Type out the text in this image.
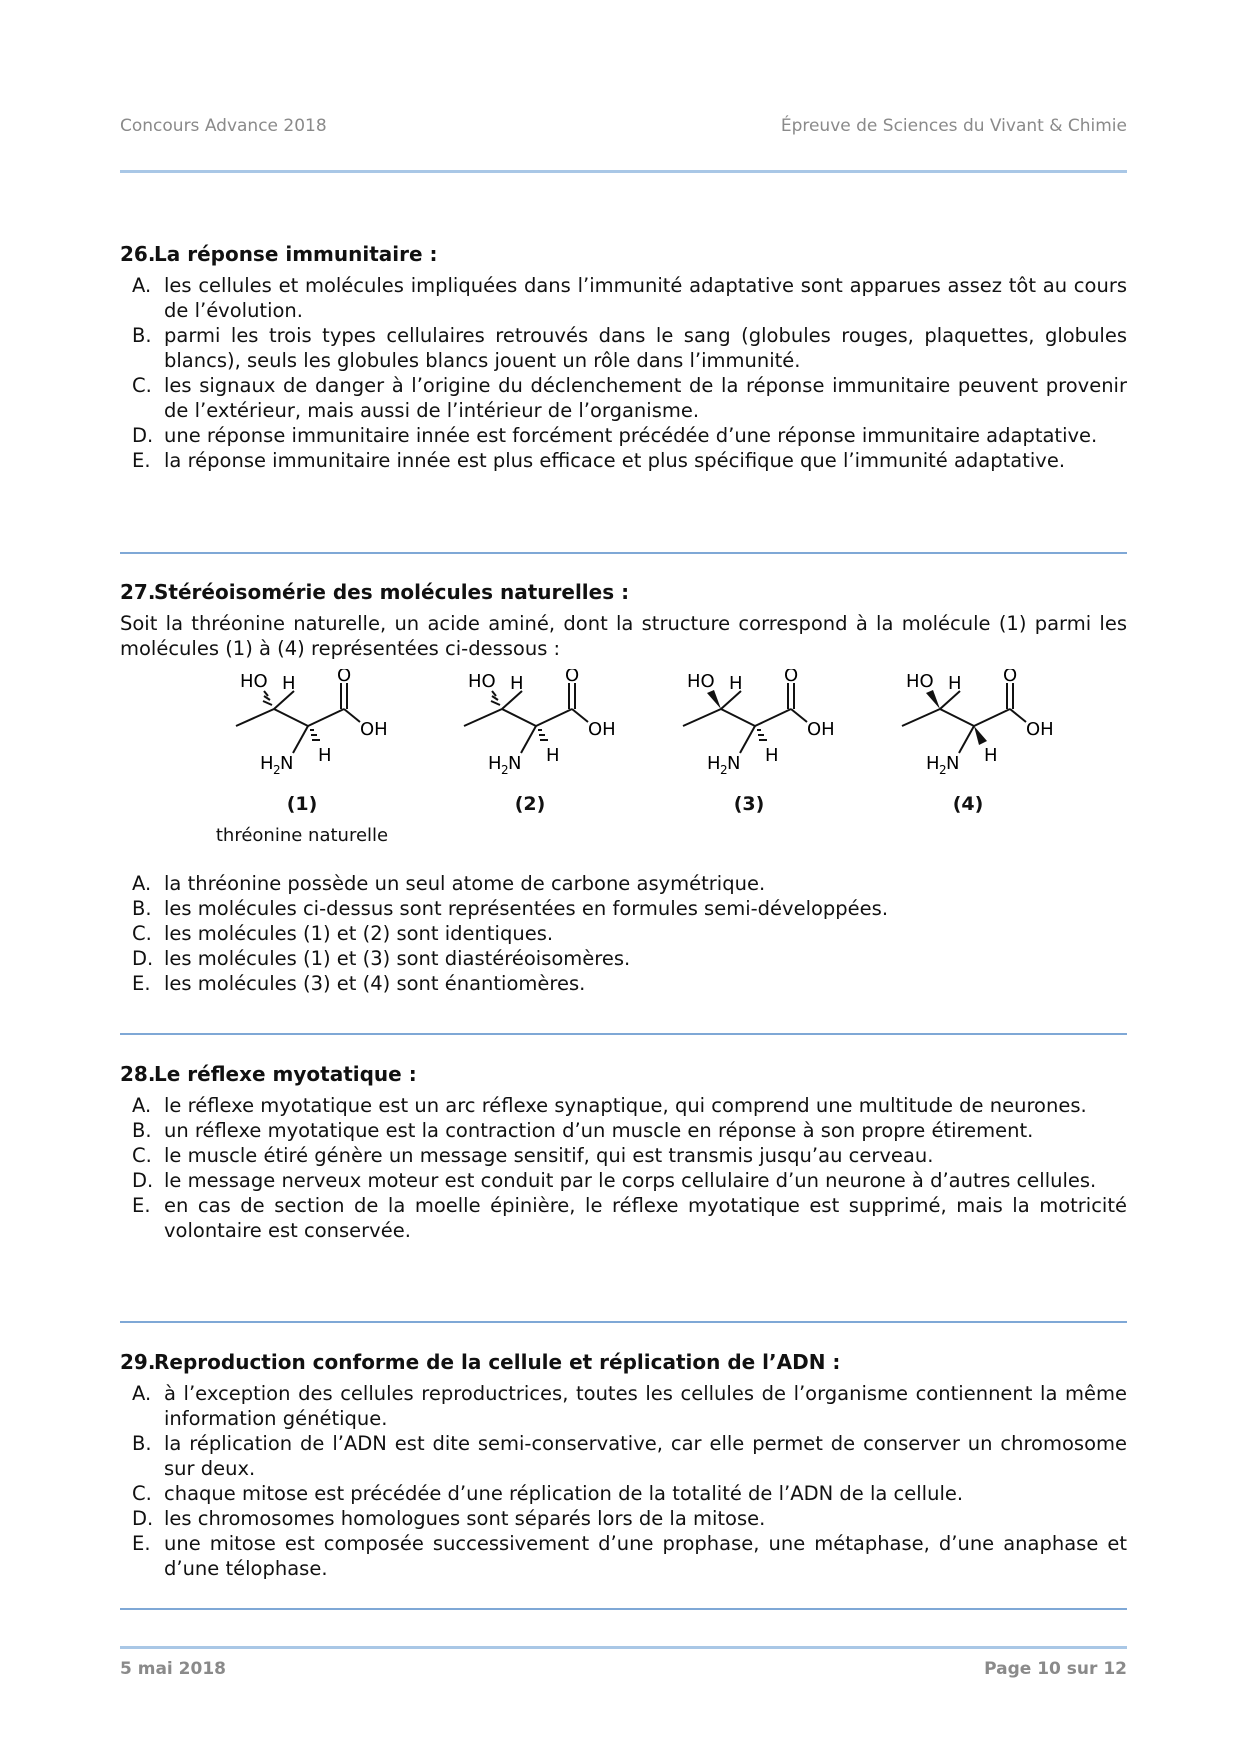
Concours Advance 2018	Épreuve de Sciences du Vivant & Chimie
26.La réponse immunitaire :
A. les cellules et molécules impliquées dans l’immunité adaptative sont apparues assez tôt au cours de l’évolution.
B. parmi les trois types cellulaires retrouvés dans le sang (globules rouges, plaquettes, globules blancs), seuls les globules blancs jouent un rôle dans l’immunité.
C. les signaux de danger à l’origine du déclenchement de la réponse immunitaire peuvent provenir de l’extérieur, mais aussi de l’intérieur de l’organisme.
D. une réponse immunitaire innée est forcément précédée d’une réponse immunitaire adaptative.
E. la réponse immunitaire innée est plus efficace et plus spécifique que l’immunité adaptative.
27.Stéréoisomérie des molécules naturelles :

Soit la thréonine naturelle, un acide aminé, dont la structure correspond à la molécule (1) parmi les molécules (1) à (4) représentées ci-dessous :

HO H O
OH
H 2 N H
(1)
thréonine naturelle
HO H O
OH
H 2 N H
(2)
HO H O
OH
H 2 N H
(3)
HO H O
OH
H 2 N H
(4)
A. la thréonine possède un seul atome de carbone asymétrique.
B. les molécules ci-dessus sont représentées en formules semi-développées.
C. les molécules (1) et (2) sont identiques.
D. les molécules (1) et (3) sont diastéréoisomères.
E. les molécules (3) et (4) sont énantiomères.
28.Le réflexe myotatique :
A. le réflexe myotatique est un arc réflexe synaptique, qui comprend une multitude de neurones.
B. un réflexe myotatique est la contraction d’un muscle en réponse à son propre étirement.
C. le muscle étiré génère un message sensitif, qui est transmis jusqu’au cerveau.
D. le message nerveux moteur est conduit par le corps cellulaire d’un neurone à d’autres cellules.
E. en cas de section de la moelle épinière, le réflexe myotatique est supprimé, mais la motricité volontaire est conservée.
29.Reproduction conforme de la cellule et réplication de l’ADN :
A. à l’exception des cellules reproductrices, toutes les cellules de l’organisme contiennent la même information génétique.
B. la réplication de l’ADN est dite semi-conservative, car elle permet de conserver un chromosome sur deux.
C. chaque mitose est précédée d’une réplication de la totalité de l’ADN de la cellule.
D. les chromosomes homologues sont séparés lors de la mitose.
E. une mitose est composée successivement d’une prophase, une métaphase, d’une anaphase et d’une télophase.
5 mai 2018	Page 10 sur 12
